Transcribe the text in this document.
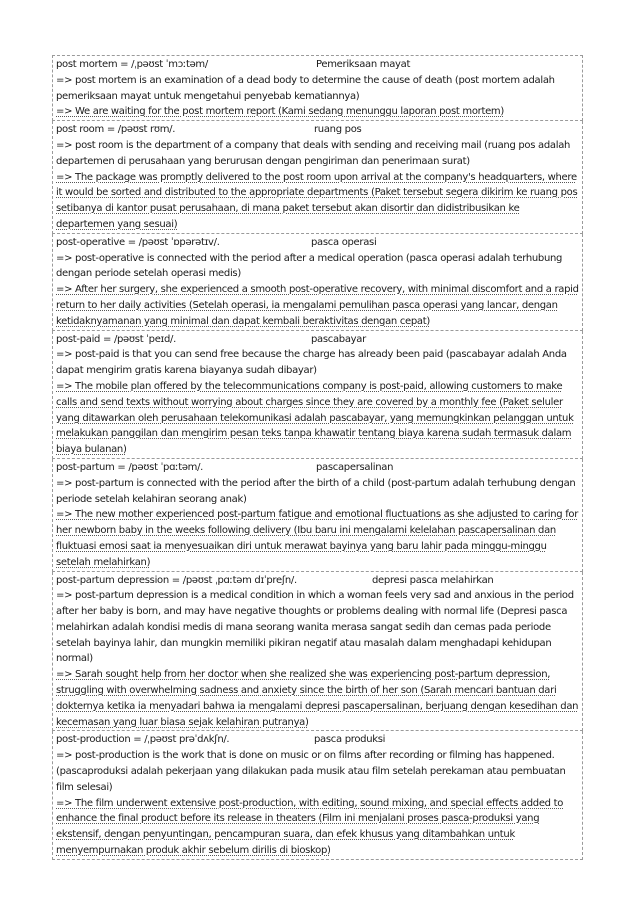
post mortem = /ˌpəʊst ˈmɔːtəm/	Pemeriksaan mayat
=> post mortem is an examination of a dead body to determine the cause of death (post mortem adalah pemeriksaan mayat untuk mengetahui penyebab kematiannya)
=> We are waiting for the post mortem report (Kami sedang menunggu laporan post mortem)
post room = /pəʊst rʊm/.	ruang pos
=> post room is the department of a company that deals with sending and receiving mail (ruang pos adalah departemen di perusahaan yang berurusan dengan pengiriman dan penerimaan surat)
=> The package was promptly delivered to the post room upon arrival at the company's headquarters, where it would be sorted and distributed to the appropriate departments (Paket tersebut segera dikirim ke ruang pos setibanya di kantor pusat perusahaan, di mana paket tersebut akan disortir dan didistribusikan ke departemen yang sesuai)
post-operative = /pəʊst ˈɒpərətɪv/.	pasca operasi
=> post-operative is connected with the period after a medical operation (pasca operasi adalah terhubung dengan periode setelah operasi medis)
=> After her surgery, she experienced a smooth post-operative recovery, with minimal discomfort and a rapid return to her daily activities (Setelah operasi, ia mengalami pemulihan pasca operasi yang lancar, dengan ketidaknyamanan yang minimal dan dapat kembali beraktivitas dengan cepat)
post-paid = /pəʊst ˈpeɪd/.	pascabayar
=> post-paid is that you can send free because the charge has already been paid (pascabayar adalah Anda dapat mengirim gratis karena biayanya sudah dibayar)
=> The mobile plan offered by the telecommunications company is post-paid, allowing customers to make calls and send texts without worrying about charges since they are covered by a monthly fee (Paket seluler yang ditawarkan oleh perusahaan telekomunikasi adalah pascabayar, yang memungkinkan pelanggan untuk melakukan panggilan dan mengirim pesan teks tanpa khawatir tentang biaya karena sudah termasuk dalam biaya bulanan)
post-partum = /pəʊst ˈpɑːtəm/.	pascapersalinan
=> post-partum is connected with the period after the birth of a child (post-partum adalah terhubung dengan periode setelah kelahiran seorang anak)
=> The new mother experienced post-partum fatigue and emotional fluctuations as she adjusted to caring for her newborn baby in the weeks following delivery (Ibu baru ini mengalami kelelahan pascapersalinan dan fluktuasi emosi saat ia menyesuaikan diri untuk merawat bayinya yang baru lahir pada minggu-minggu setelah melahirkan)
post-partum depression = /pəʊst ˌpɑːtəm dɪˈpreʃn/.	depresi pasca melahirkan
=> post-partum depression is a medical condition in which a woman feels very sad and anxious in the period after her baby is born, and may have negative thoughts or problems dealing with normal life (Depresi pasca melahirkan adalah kondisi medis di mana seorang wanita merasa sangat sedih dan cemas pada periode setelah bayinya lahir, dan mungkin memiliki pikiran negatif atau masalah dalam menghadapi kehidupan normal)
=> Sarah sought help from her doctor when she realized she was experiencing post-partum depression, struggling with overwhelming sadness and anxiety since the birth of her son (Sarah mencari bantuan dari dokternya ketika ia menyadari bahwa ia mengalami depresi pascapersalinan, berjuang dengan kesedihan dan kecemasan yang luar biasa sejak kelahiran putranya)
post-production = /ˌpəʊst prəˈdʌkʃn/.	pasca produksi
=> post-production is the work that is done on music or on films after recording or filming has happened. (pascaproduksi adalah pekerjaan yang dilakukan pada musik atau film setelah perekaman atau pembuatan film selesai)
=> The film underwent extensive post-production, with editing, sound mixing, and special effects added to enhance the final product before its release in theaters (Film ini menjalani proses pasca-produksi yang ekstensif, dengan penyuntingan, pencampuran suara, dan efek khusus yang ditambahkan untuk menyempurnakan produk akhir sebelum dirilis di bioskop)
